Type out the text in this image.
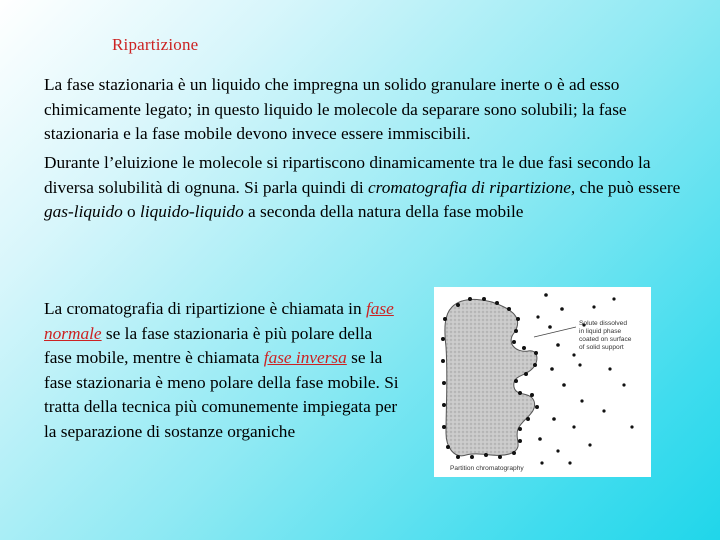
Ripartizione

La fase stazionaria è un liquido che impregna un solido granulare inerte o è ad esso chimicamente legato; in questo liquido le molecole da separare sono solubili; la fase stazionaria e la fase mobile devono invece essere immiscibili.

Durante l’eluizione le molecole si ripartiscono dinamicamente tra le due fasi secondo la diversa solubilità di ognuna. Si parla quindi di cromatografia di ripartizione, che può essere gas-liquido o liquido-liquido a seconda della natura della fase mobile

La cromatografia di ripartizione è chiamata in fase normale se la fase stazionaria è più polare della fase mobile, mentre è chiamata fase inversa se la fase stazionaria è meno polare della fase mobile. Si tratta della tecnica più comunemente impiegata per la separazione di sostanze organiche

Solute dissolved
in liquid phase
coated on surface
of solid support
Partition chromatography
